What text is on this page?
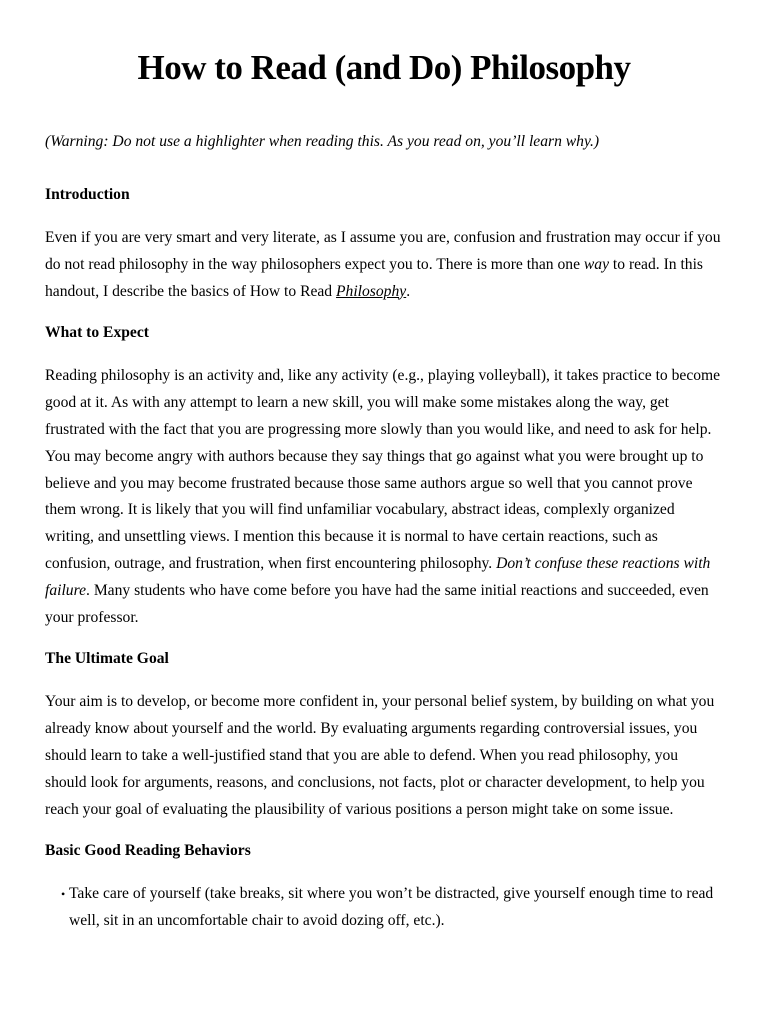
How to Read (and Do) Philosophy

(Warning: Do not use a highlighter when reading this. As you read on, you’ll learn why.)

Introduction

Even if you are very smart and very literate, as I assume you are, confusion and frustration may occur if you do not read philosophy in the way philosophers expect you to. There is more than one way to read. In this handout, I describe the basics of How to Read Philosophy.

What to Expect

Reading philosophy is an activity and, like any activity (e.g., playing volleyball), it takes practice to become good at it. As with any attempt to learn a new skill, you will make some mistakes along the way, get frustrated with the fact that you are progressing more slowly than you would like, and need to ask for help. You may become angry with authors because they say things that go against what you were brought up to believe and you may become frustrated because those same authors argue so well that you cannot prove them wrong. It is likely that you will find unfamiliar vocabulary, abstract ideas, complexly organized writing, and unsettling views. I mention this because it is normal to have certain reactions, such as confusion, outrage, and frustration, when first encountering philosophy. Don’t confuse these reactions with failure. Many students who have come before you have had the same initial reactions and succeeded, even your professor.

The Ultimate Goal

Your aim is to develop, or become more confident in, your personal belief system, by building on what you already know about yourself and the world. By evaluating arguments regarding controversial issues, you should learn to take a well-justified stand that you are able to defend. When you read philosophy, you should look for arguments, reasons, and conclusions, not facts, plot or character development, to help you reach your goal of evaluating the plausibility of various positions a person might take on some issue.

Basic Good Reading Behaviors
• Take care of yourself (take breaks, sit where you won’t be distracted, give yourself enough time to read well, sit in an uncomfortable chair to avoid dozing off, etc.).
